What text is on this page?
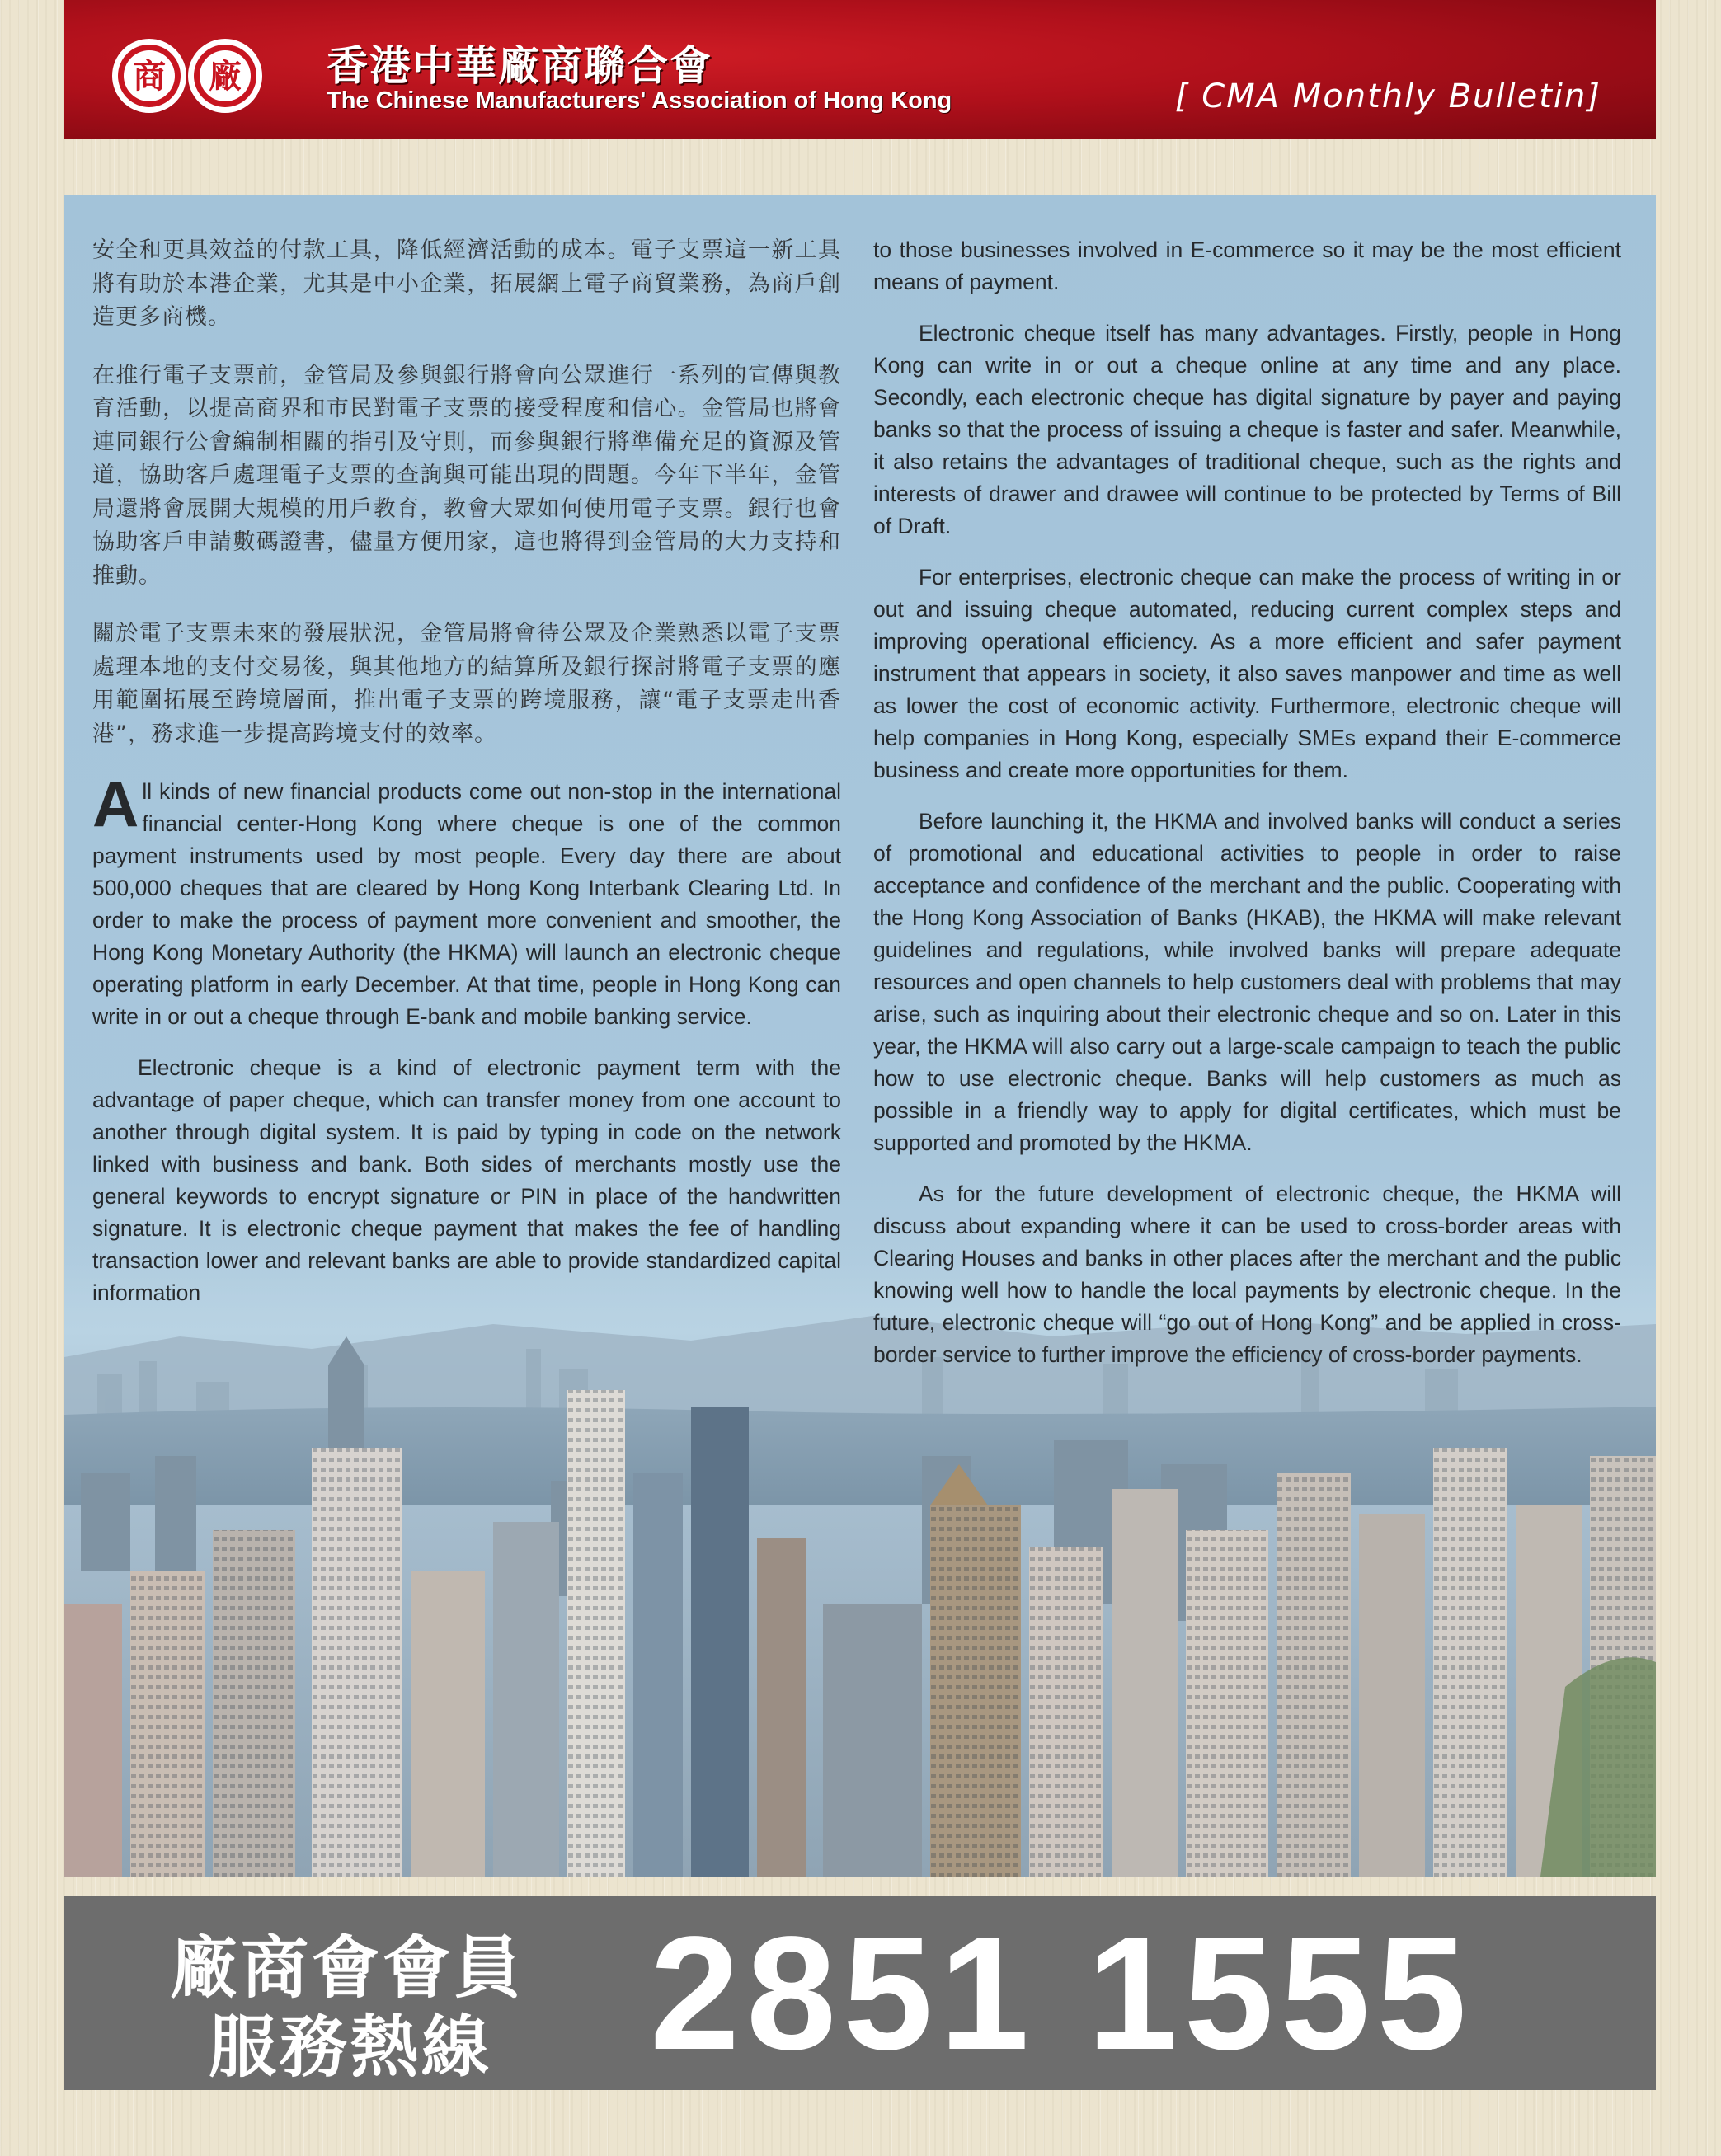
商 廠 香港中華廠商聯合會
The Chinese Manufacturers' Association of Hong Kong	[ CMA Monthly Bulletin]

安全和更具效益的付款工具，降低經濟活動的成本。電子支票這一新工具將有助於本港企業，尤其是中小企業，拓展網上電子商貿業務，為商戶創造更多商機。

在推行電子支票前，金管局及參與銀行將會向公眾進行一系列的宣傳與教育活動，以提高商界和市民對電子支票的接受程度和信心。金管局也將會連同銀行公會編制相關的指引及守則，而參與銀行將準備充足的資源及管道，協助客戶處理電子支票的查詢與可能出現的問題。今年下半年，金管局還將會展開大規模的用戶教育，教會大眾如何使用電子支票。銀行也會協助客戶申請數碼證書，儘量方便用家，這也將得到金管局的大力支持和推動。

關於電子支票未來的發展狀況，金管局將會待公眾及企業熟悉以電子支票處理本地的支付交易後，與其他地方的結算所及銀行探討將電子支票的應用範圍拓展至跨境層面，推出電子支票的跨境服務，讓“電子支票走出香港”，務求進一步提高跨境支付的效率。

All kinds of new financial products come out non-stop in the international financial center-Hong Kong where cheque is one of the common payment instruments used by most people. Every day there are about 500,000 cheques that are cleared by Hong Kong Interbank Clearing Ltd. In order to make the process of payment more convenient and smoother, the Hong Kong Monetary Authority (the HKMA) will launch an electronic cheque operating platform in early December. At that time, people in Hong Kong can write in or out a cheque through E-bank and mobile banking service.

Electronic cheque is a kind of electronic payment term with the advantage of paper cheque, which can transfer money from one account to another through digital system. It is paid by typing in code on the network linked with business and bank. Both sides of merchants mostly use the general keywords to encrypt signature or PIN in place of the handwritten signature. It is electronic cheque payment that makes the fee of handling transaction lower and relevant banks are able to provide standardized capital information

to those businesses involved in E-commerce so it may be the most efficient means of payment.

Electronic cheque itself has many advantages. Firstly, people in Hong Kong can write in or out a cheque online at any time and any place. Secondly, each electronic cheque has digital signature by payer and paying banks so that the process of issuing a cheque is faster and safer. Meanwhile, it also retains the advantages of traditional cheque, such as the rights and interests of drawer and drawee will continue to be protected by Terms of Bill of Draft.

For enterprises, electronic cheque can make the process of writing in or out and issuing cheque automated, reducing current complex steps and improving operational efficiency. As a more efficient and safer payment instrument that appears in society, it also saves manpower and time as well as lower the cost of economic activity. Furthermore, electronic cheque will help companies in Hong Kong, especially SMEs expand their E-commerce business and create more opportunities for them.

Before launching it, the HKMA and involved banks will conduct a series of promotional and educational activities to people in order to raise acceptance and confidence of the merchant and the public. Cooperating with the Hong Kong Association of Banks (HKAB), the HKMA will make relevant guidelines and regulations, while involved banks will prepare adequate resources and open channels to help customers deal with problems that may arise, such as inquiring about their electronic cheque and so on. Later in this year, the HKMA will also carry out a large-scale campaign to teach the public how to use electronic cheque. Banks will help customers as much as possible in a friendly way to apply for digital certificates, which must be supported and promoted by the HKMA.

As for the future development of electronic cheque, the HKMA will discuss about expanding where it can be used to cross-border areas with Clearing Houses and banks in other places after the merchant and the public knowing well how to handle the local payments by electronic cheque. In the future, electronic cheque will “go out of Hong Kong” and be applied in cross-border service to further improve the efficiency of cross-border payments.

廠商會會員
服務熱線 2851 1555
